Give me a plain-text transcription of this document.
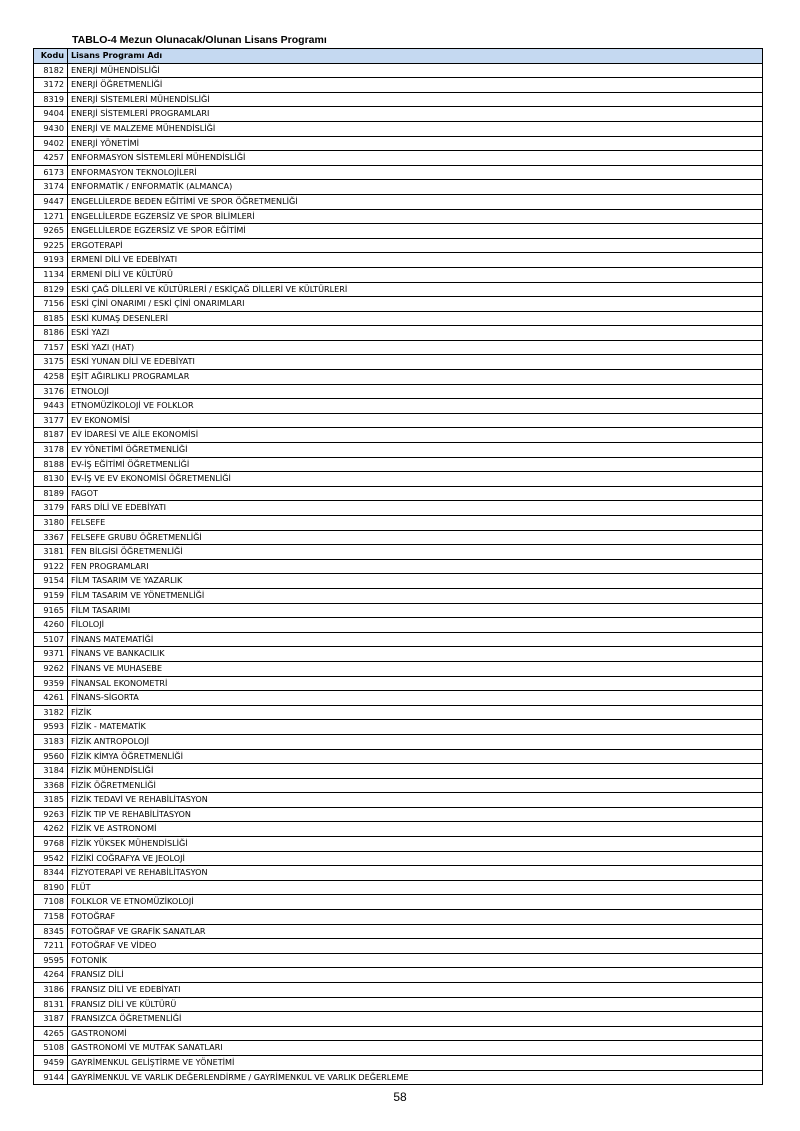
TABLO-4 Mezun Olunacak/Olunan Lisans Programı
Kodu	Lisans Programı Adı
8182	ENERJİ MÜHENDİSLİĞİ
3172	ENERJİ ÖĞRETMENLİĞİ
8319	ENERJİ SİSTEMLERİ MÜHENDİSLİĞİ
9404	ENERJİ SİSTEMLERİ PROGRAMLARI
9430	ENERJİ VE MALZEME MÜHENDİSLİĞİ
9402	ENERJİ YÖNETİMİ
4257	ENFORMASYON SİSTEMLERİ MÜHENDİSLİĞİ
6173	ENFORMASYON TEKNOLOJİLERİ
3174	ENFORMATİK / ENFORMATİK (ALMANCA)
9447	ENGELLİLERDE BEDEN EĞİTİMİ VE SPOR ÖĞRETMENLİĞİ
1271	ENGELLİLERDE EGZERSİZ VE SPOR BİLİMLERİ
9265	ENGELLİLERDE EGZERSİZ VE SPOR EĞİTİMİ
9225	ERGOTERAPİ
9193	ERMENİ DİLİ VE EDEBİYATI
1134	ERMENİ DİLİ VE KÜLTÜRÜ
8129	ESKİ ÇAĞ DİLLERİ VE KÜLTÜRLERİ / ESKİÇAĞ DİLLERİ VE KÜLTÜRLERİ
7156	ESKİ ÇİNİ ONARIMI / ESKİ ÇİNİ ONARIMLARI
8185	ESKİ KUMAŞ DESENLERİ
8186	ESKİ YAZI
7157	ESKİ YAZI (HAT)
3175	ESKİ YUNAN DİLİ VE EDEBİYATI
4258	EŞİT AĞIRLIKLI PROGRAMLAR
3176	ETNOLOJİ
9443	ETNOMÜZİKOLOJİ VE FOLKLOR
3177	EV EKONOMİSİ
8187	EV İDARESİ VE AİLE EKONOMİSİ
3178	EV YÖNETİMİ ÖĞRETMENLİĞİ
8188	EV-İŞ EĞİTİMİ ÖĞRETMENLİĞİ
8130	EV-İŞ VE EV EKONOMİSİ ÖĞRETMENLİĞİ
8189	FAGOT
3179	FARS DİLİ VE EDEBİYATI
3180	FELSEFE
3367	FELSEFE GRUBU ÖĞRETMENLİĞİ
3181	FEN BİLGİSİ ÖĞRETMENLİĞİ
9122	FEN PROGRAMLARI
9154	FİLM TASARIM VE YAZARLIK
9159	FİLM TASARIM VE YÖNETMENLİĞİ
9165	FİLM TASARIMI
4260	FİLOLOJİ
5107	FİNANS MATEMATİĞİ
9371	FİNANS VE BANKACILIK
9262	FİNANS VE MUHASEBE
9359	FİNANSAL EKONOMETRİ
4261	FİNANS-SİGORTA
3182	FİZİK
9593	FİZİK - MATEMATİK
3183	FİZİK ANTROPOLOJİ
9560	FİZİK KİMYA ÖĞRETMENLİĞİ
3184	FİZİK MÜHENDİSLİĞİ
3368	FİZİK ÖĞRETMENLİĞİ
3185	FİZİK TEDAVİ VE REHABİLİTASYON
9263	FİZİK TIP VE REHABİLİTASYON
4262	FİZİK VE ASTRONOMİ
9768	FİZİK YÜKSEK MÜHENDİSLİĞİ
9542	FİZİKİ COĞRAFYA VE JEOLOJİ
8344	FİZYOTERAPİ VE REHABİLİTASYON
8190	FLÜT
7108	FOLKLOR VE ETNOMÜZİKOLOJİ
7158	FOTOĞRAF
8345	FOTOĞRAF VE GRAFİK SANATLAR
7211	FOTOĞRAF VE VİDEO
9595	FOTONİK
4264	FRANSIZ DİLİ
3186	FRANSIZ DİLİ VE EDEBİYATI
8131	FRANSIZ DİLİ VE KÜLTÜRÜ
3187	FRANSIZCA ÖĞRETMENLİĞİ
4265	GASTRONOMİ
5108	GASTRONOMİ VE MUTFAK SANATLARI
9459	GAYRİMENKUL GELİŞTİRME VE YÖNETİMİ
9144	GAYRİMENKUL VE VARLIK DEĞERLENDİRME / GAYRİMENKUL VE VARLIK DEĞERLEME
58
